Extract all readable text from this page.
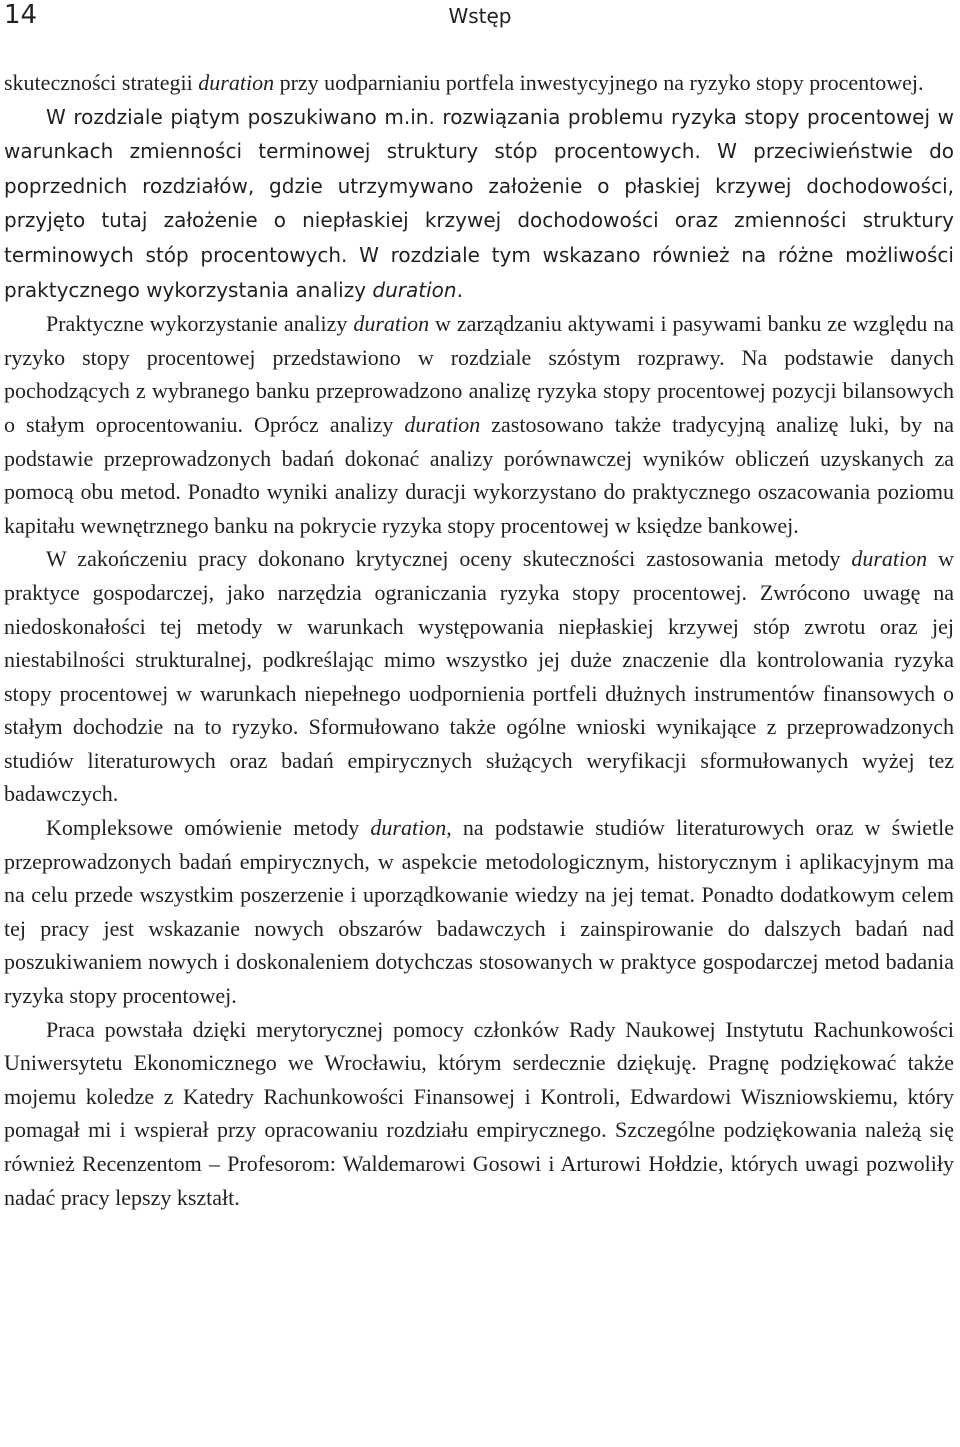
14	Wstęp

skuteczności strategii duration przy uodparnianiu portfela inwestycyjnego na ryzyko stopy procentowej.

W rozdziale piątym poszukiwano m.in. rozwiązania problemu ryzyka stopy procentowej w warunkach zmienności terminowej struktury stóp procentowych. W przeciwieństwie do poprzednich rozdziałów, gdzie utrzymywano założenie o płaskiej krzywej dochodowości, przyjęto tutaj założenie o niepłaskiej krzywej dochodowości oraz zmienności struktury terminowych stóp procentowych. W rozdziale tym wskazano również na różne możliwości praktycznego wykorzystania analizy duration.

Praktyczne wykorzystanie analizy duration w zarządzaniu aktywami i pasywami banku ze względu na ryzyko stopy procentowej przedstawiono w rozdziale szóstym rozprawy. Na podstawie danych pochodzących z wybranego banku przeprowadzono analizę ryzyka stopy procentowej pozycji bilansowych o stałym oprocentowaniu. Oprócz analizy duration zastosowano także tradycyjną analizę luki, by na podstawie przeprowadzonych badań dokonać analizy porównawczej wyników obliczeń uzyskanych za pomocą obu metod. Ponadto wyniki analizy duracji wykorzystano do praktycznego oszacowania poziomu kapitału wewnętrznego banku na pokrycie ryzyka stopy procentowej w księdze bankowej.

W zakończeniu pracy dokonano krytycznej oceny skuteczności zastosowania metody duration w praktyce gospodarczej, jako narzędzia ograniczania ryzyka stopy procentowej. Zwrócono uwagę na niedoskonałości tej metody w warunkach występowania niepłaskiej krzywej stóp zwrotu oraz jej niestabilności strukturalnej, podkreślając mimo wszystko jej duże znaczenie dla kontrolowania ryzyka stopy procentowej w warunkach niepełnego uodpornienia portfeli dłużnych instrumentów finansowych o stałym dochodzie na to ryzyko. Sformułowano także ogólne wnioski wynikające z przeprowadzonych studiów literaturowych oraz badań empirycznych służących weryfikacji sformułowanych wyżej tez badawczych.

Kompleksowe omówienie metody duration, na podstawie studiów literaturowych oraz w świetle przeprowadzonych badań empirycznych, w aspekcie metodologicznym, historycznym i aplikacyjnym ma na celu przede wszystkim poszerzenie i uporządkowanie wiedzy na jej temat. Ponadto dodatkowym celem tej pracy jest wskazanie nowych obszarów badawczych i zainspirowanie do dalszych badań nad poszukiwaniem nowych i doskonaleniem dotychczas stosowanych w praktyce gospodarczej metod badania ryzyka stopy procentowej.

Praca powstała dzięki merytorycznej pomocy członków Rady Naukowej Instytutu Rachunkowości Uniwersytetu Ekonomicznego we Wrocławiu, którym serdecznie dziękuję. Pragnę podziękować także mojemu koledze z Katedry Rachunkowości Finansowej i Kontroli, Edwardowi Wiszniowskiemu, który pomagał mi i wspierał przy opracowaniu rozdziału empirycznego. Szczególne podziękowania należą się również Recenzentom – Profesorom: Waldemarowi Gosowi i Arturowi Hołdzie, których uwagi pozwoliły nadać pracy lepszy kształt.
